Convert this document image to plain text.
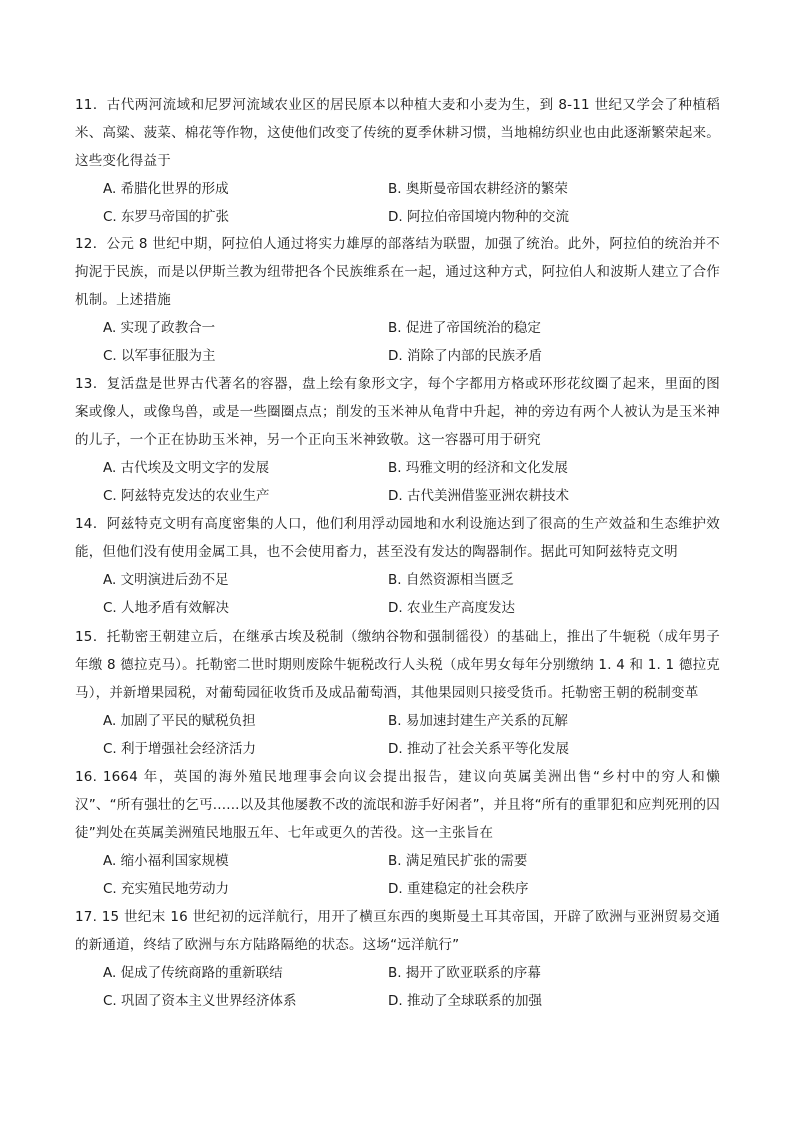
11．古代两河流域和尼罗河流域农业区的居民原本以种植大麦和小麦为生，到 8-11 世纪又学会了种植稻米、高粱、菠菜、棉花等作物，这使他们改变了传统的夏季休耕习惯，当地棉纺织业也由此逐渐繁荣起来。这些变化得益于
A. 希腊化世界的形成	B. 奥斯曼帝国农耕经济的繁荣
C. 东罗马帝国的扩张	D. 阿拉伯帝国境内物种的交流
12．公元 8 世纪中期，阿拉伯人通过将实力雄厚的部落结为联盟，加强了统治。此外，阿拉伯的统治并不拘泥于民族，而是以伊斯兰教为纽带把各个民族维系在一起，通过这种方式，阿拉伯人和波斯人建立了合作机制。上述措施
A. 实现了政教合一	B. 促进了帝国统治的稳定
C. 以军事征服为主	D. 消除了内部的民族矛盾
13．复活盘是世界古代著名的容器，盘上绘有象形文字，每个字都用方格或环形花纹圈了起来，里面的图案或像人，或像鸟兽，或是一些圈圈点点；削发的玉米神从龟背中升起，神的旁边有两个人被认为是玉米神的儿子，一个正在协助玉米神，另一个正向玉米神致敬。这一容器可用于研究
A. 古代埃及文明文字的发展	B. 玛雅文明的经济和文化发展
C. 阿兹特克发达的农业生产	D. 古代美洲借鉴亚洲农耕技术
14．阿兹特克文明有高度密集的人口，他们利用浮动园地和水利设施达到了很高的生产效益和生态维护效能，但他们没有使用金属工具，也不会使用畜力，甚至没有发达的陶器制作。据此可知阿兹特克文明
A. 文明演进后劲不足	B. 自然资源相当匮乏
C. 人地矛盾有效解决	D. 农业生产高度发达
15．托勒密王朝建立后，在继承古埃及税制（缴纳谷物和强制徭役）的基础上，推出了牛轭税（成年男子年缴 8 德拉克马）。托勒密二世时期则废除牛轭税改行人头税（成年男女每年分别缴纳 1. 4 和 1. 1 德拉克马），并新增果园税，对葡萄园征收货币及成品葡萄酒，其他果园则只接受货币。托勒密王朝的税制变革
A. 加剧了平民的赋税负担	B. 易加速封建生产关系的瓦解
C. 利于增强社会经济活力	D. 推动了社会关系平等化发展
16. 1664 年，英国的海外殖民地理事会向议会提出报告，建议向英属美洲出售“乡村中的穷人和懒汉”、“所有强壮的乞丐......以及其他屡教不改的流氓和游手好闲者”，并且将“所有的重罪犯和应判死刑的囚徒”判处在英属美洲殖民地服五年、七年或更久的苦役。这一主张旨在
A. 缩小福利国家规模	B. 满足殖民扩张的需要
C. 充实殖民地劳动力	D. 重建稳定的社会秩序
17. 15 世纪末 16 世纪初的远洋航行，用开了横亘东西的奥斯曼土耳其帝国，开辟了欧洲与亚洲贸易交通的新通道，终结了欧洲与东方陆路隔绝的状态。这场“远洋航行”
A. 促成了传统商路的重新联结	B. 揭开了欧亚联系的序幕
C. 巩固了资本主义世界经济体系	D. 推动了全球联系的加强
